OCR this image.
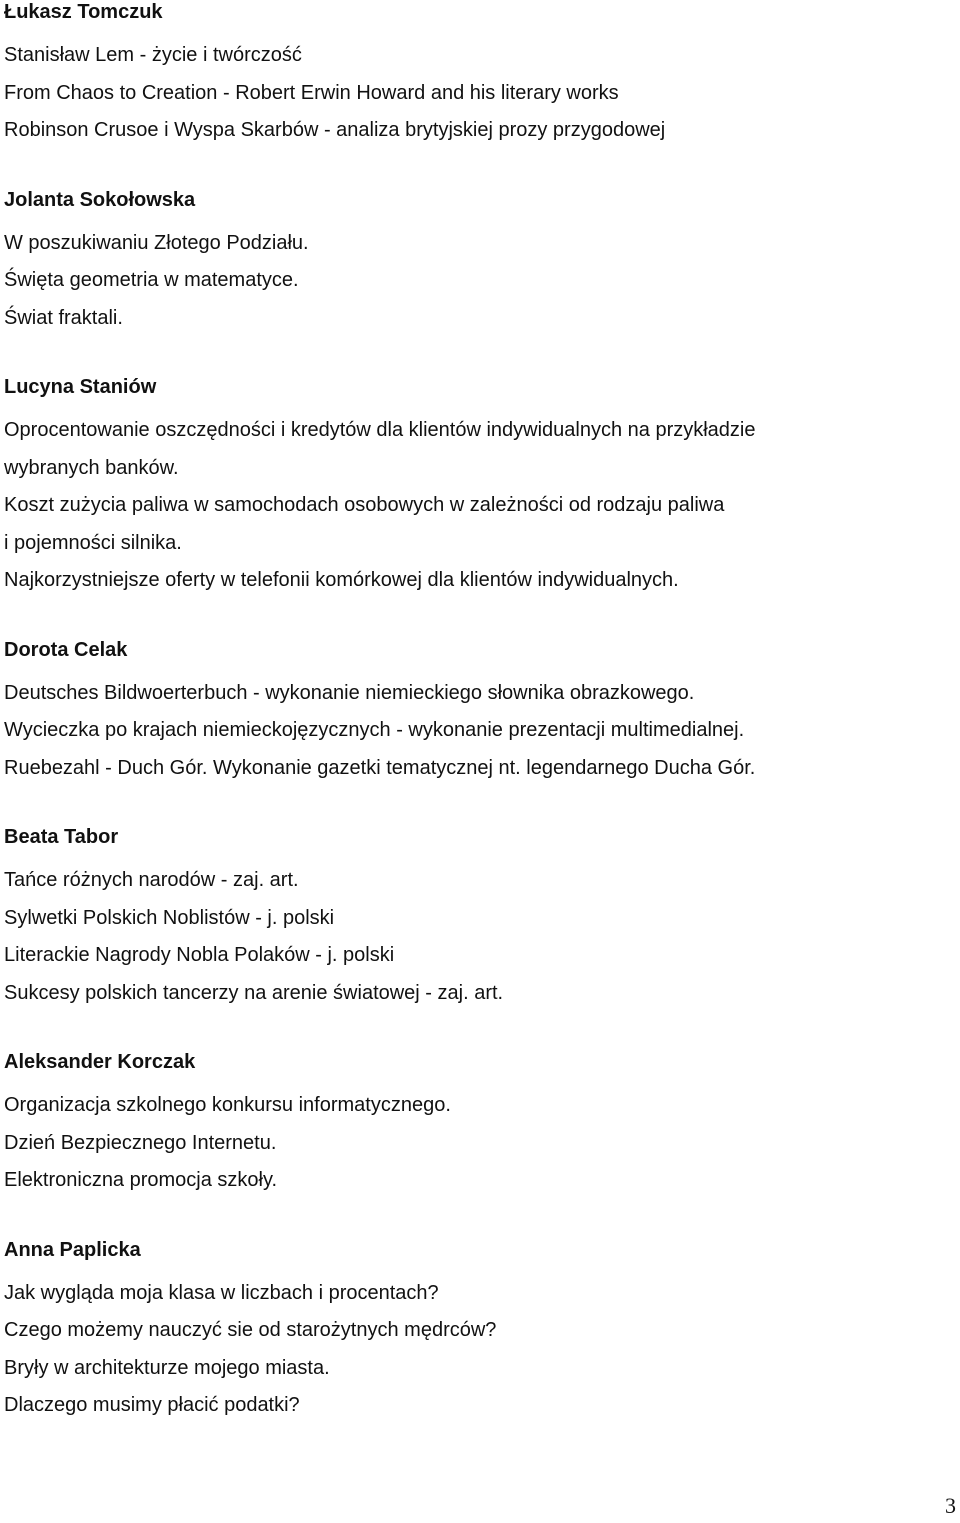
Łukasz Tomczuk
Stanisław Lem - życie i twórczość
From Chaos to Creation - Robert Erwin Howard and his literary works
Robinson Crusoe i Wyspa Skarbów - analiza brytyjskiej prozy przygodowej
Jolanta Sokołowska
W poszukiwaniu Złotego Podziału.
Święta geometria w matematyce.
Świat fraktali.
Lucyna Staniów
Oprocentowanie oszczędności i kredytów dla klientów indywidualnych na przykładzie
wybranych banków.
Koszt zużycia paliwa w samochodach osobowych w zależności od rodzaju paliwa
i pojemności silnika.
Najkorzystniejsze oferty w telefonii komórkowej dla klientów indywidualnych.
Dorota Celak
Deutsches Bildwoerterbuch - wykonanie niemieckiego słownika obrazkowego.
Wycieczka po krajach niemieckojęzycznych - wykonanie prezentacji multimedialnej.
Ruebezahl - Duch Gór. Wykonanie gazetki tematycznej nt. legendarnego Ducha Gór.
Beata Tabor
Tańce różnych narodów - zaj. art.
Sylwetki Polskich Noblistów - j. polski
Literackie Nagrody Nobla Polaków - j. polski
Sukcesy polskich tancerzy na arenie światowej - zaj. art.
Aleksander Korczak
Organizacja szkolnego konkursu informatycznego.
Dzień Bezpiecznego Internetu.
Elektroniczna promocja szkoły.
Anna Paplicka
Jak wygląda moja klasa w liczbach i procentach?
Czego możemy nauczyć sie od starożytnych mędrców?
Bryły w architekturze mojego miasta.
Dlaczego musimy płacić podatki?
3
